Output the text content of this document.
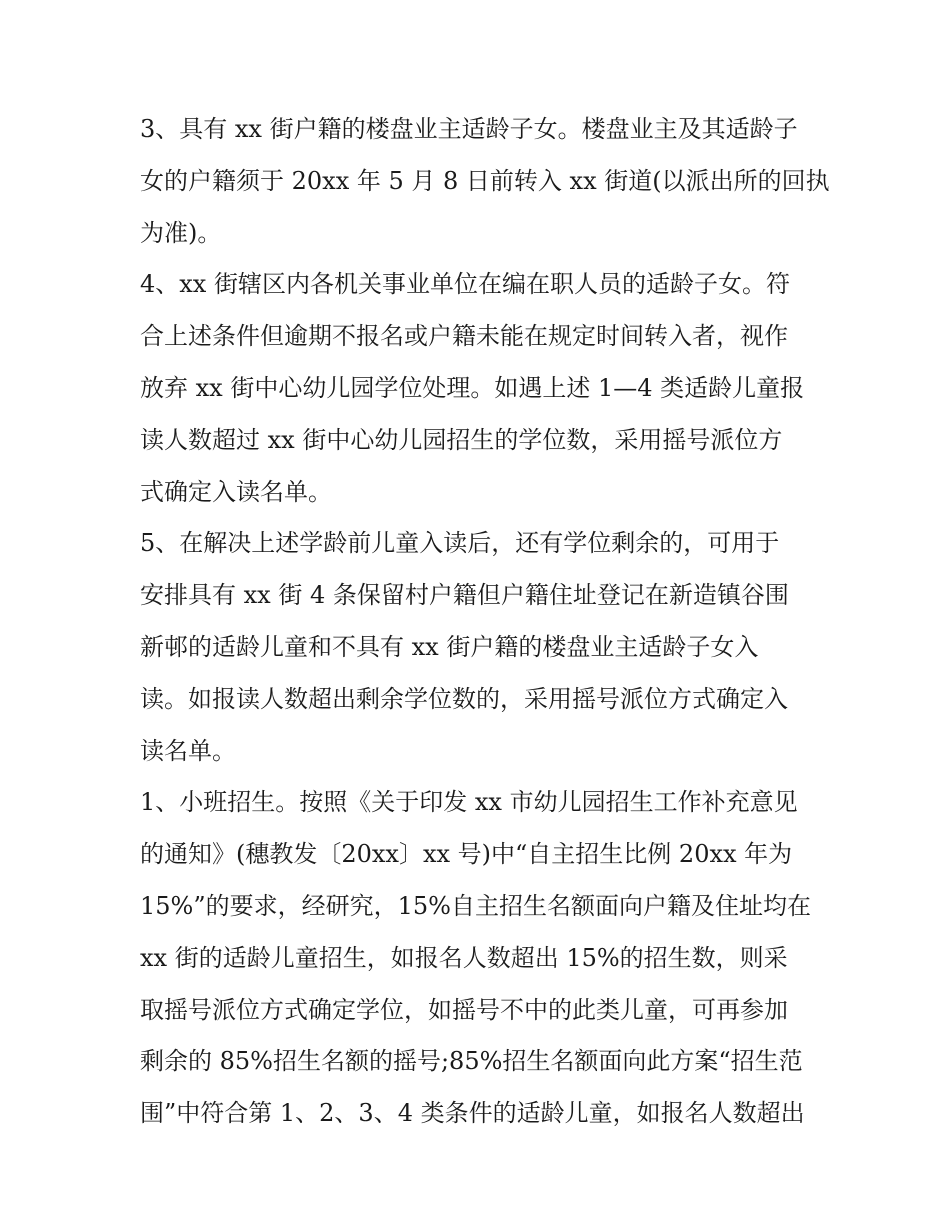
3、具有 xx 街户籍的楼盘业主适龄子女。楼盘业主及其适龄子

女的户籍须于 20xx 年 5 月 8 日前转入 xx 街道(以派出所的回执

为准)。

4、xx 街辖区内各机关事业单位在编在职人员的适龄子女。符

合上述条件但逾期不报名或户籍未能在规定时间转入者，视作

放弃 xx 街中心幼儿园学位处理。如遇上述 1—4 类适龄儿童报

读人数超过 xx 街中心幼儿园招生的学位数，采用摇号派位方

式确定入读名单。

5、在解决上述学龄前儿童入读后，还有学位剩余的，可用于

安排具有 xx 街 4 条保留村户籍但户籍住址登记在新造镇谷围

新邨的适龄儿童和不具有 xx 街户籍的楼盘业主适龄子女入

读。如报读人数超出剩余学位数的，采用摇号派位方式确定入

读名单。

1、小班招生。按照《关于印发 xx 市幼儿园招生工作补充意见

的通知》(穗教发〔20xx〕xx 号)中“自主招生比例 20xx 年为

15%”的要求，经研究，15%自主招生名额面向户籍及住址均在

xx 街的适龄儿童招生，如报名人数超出 15%的招生数，则采

取摇号派位方式确定学位，如摇号不中的此类儿童，可再参加

剩余的 85%招生名额的摇号;85%招生名额面向此方案“招生范

围”中符合第 1、2、3、4 类条件的适龄儿童，如报名人数超出
